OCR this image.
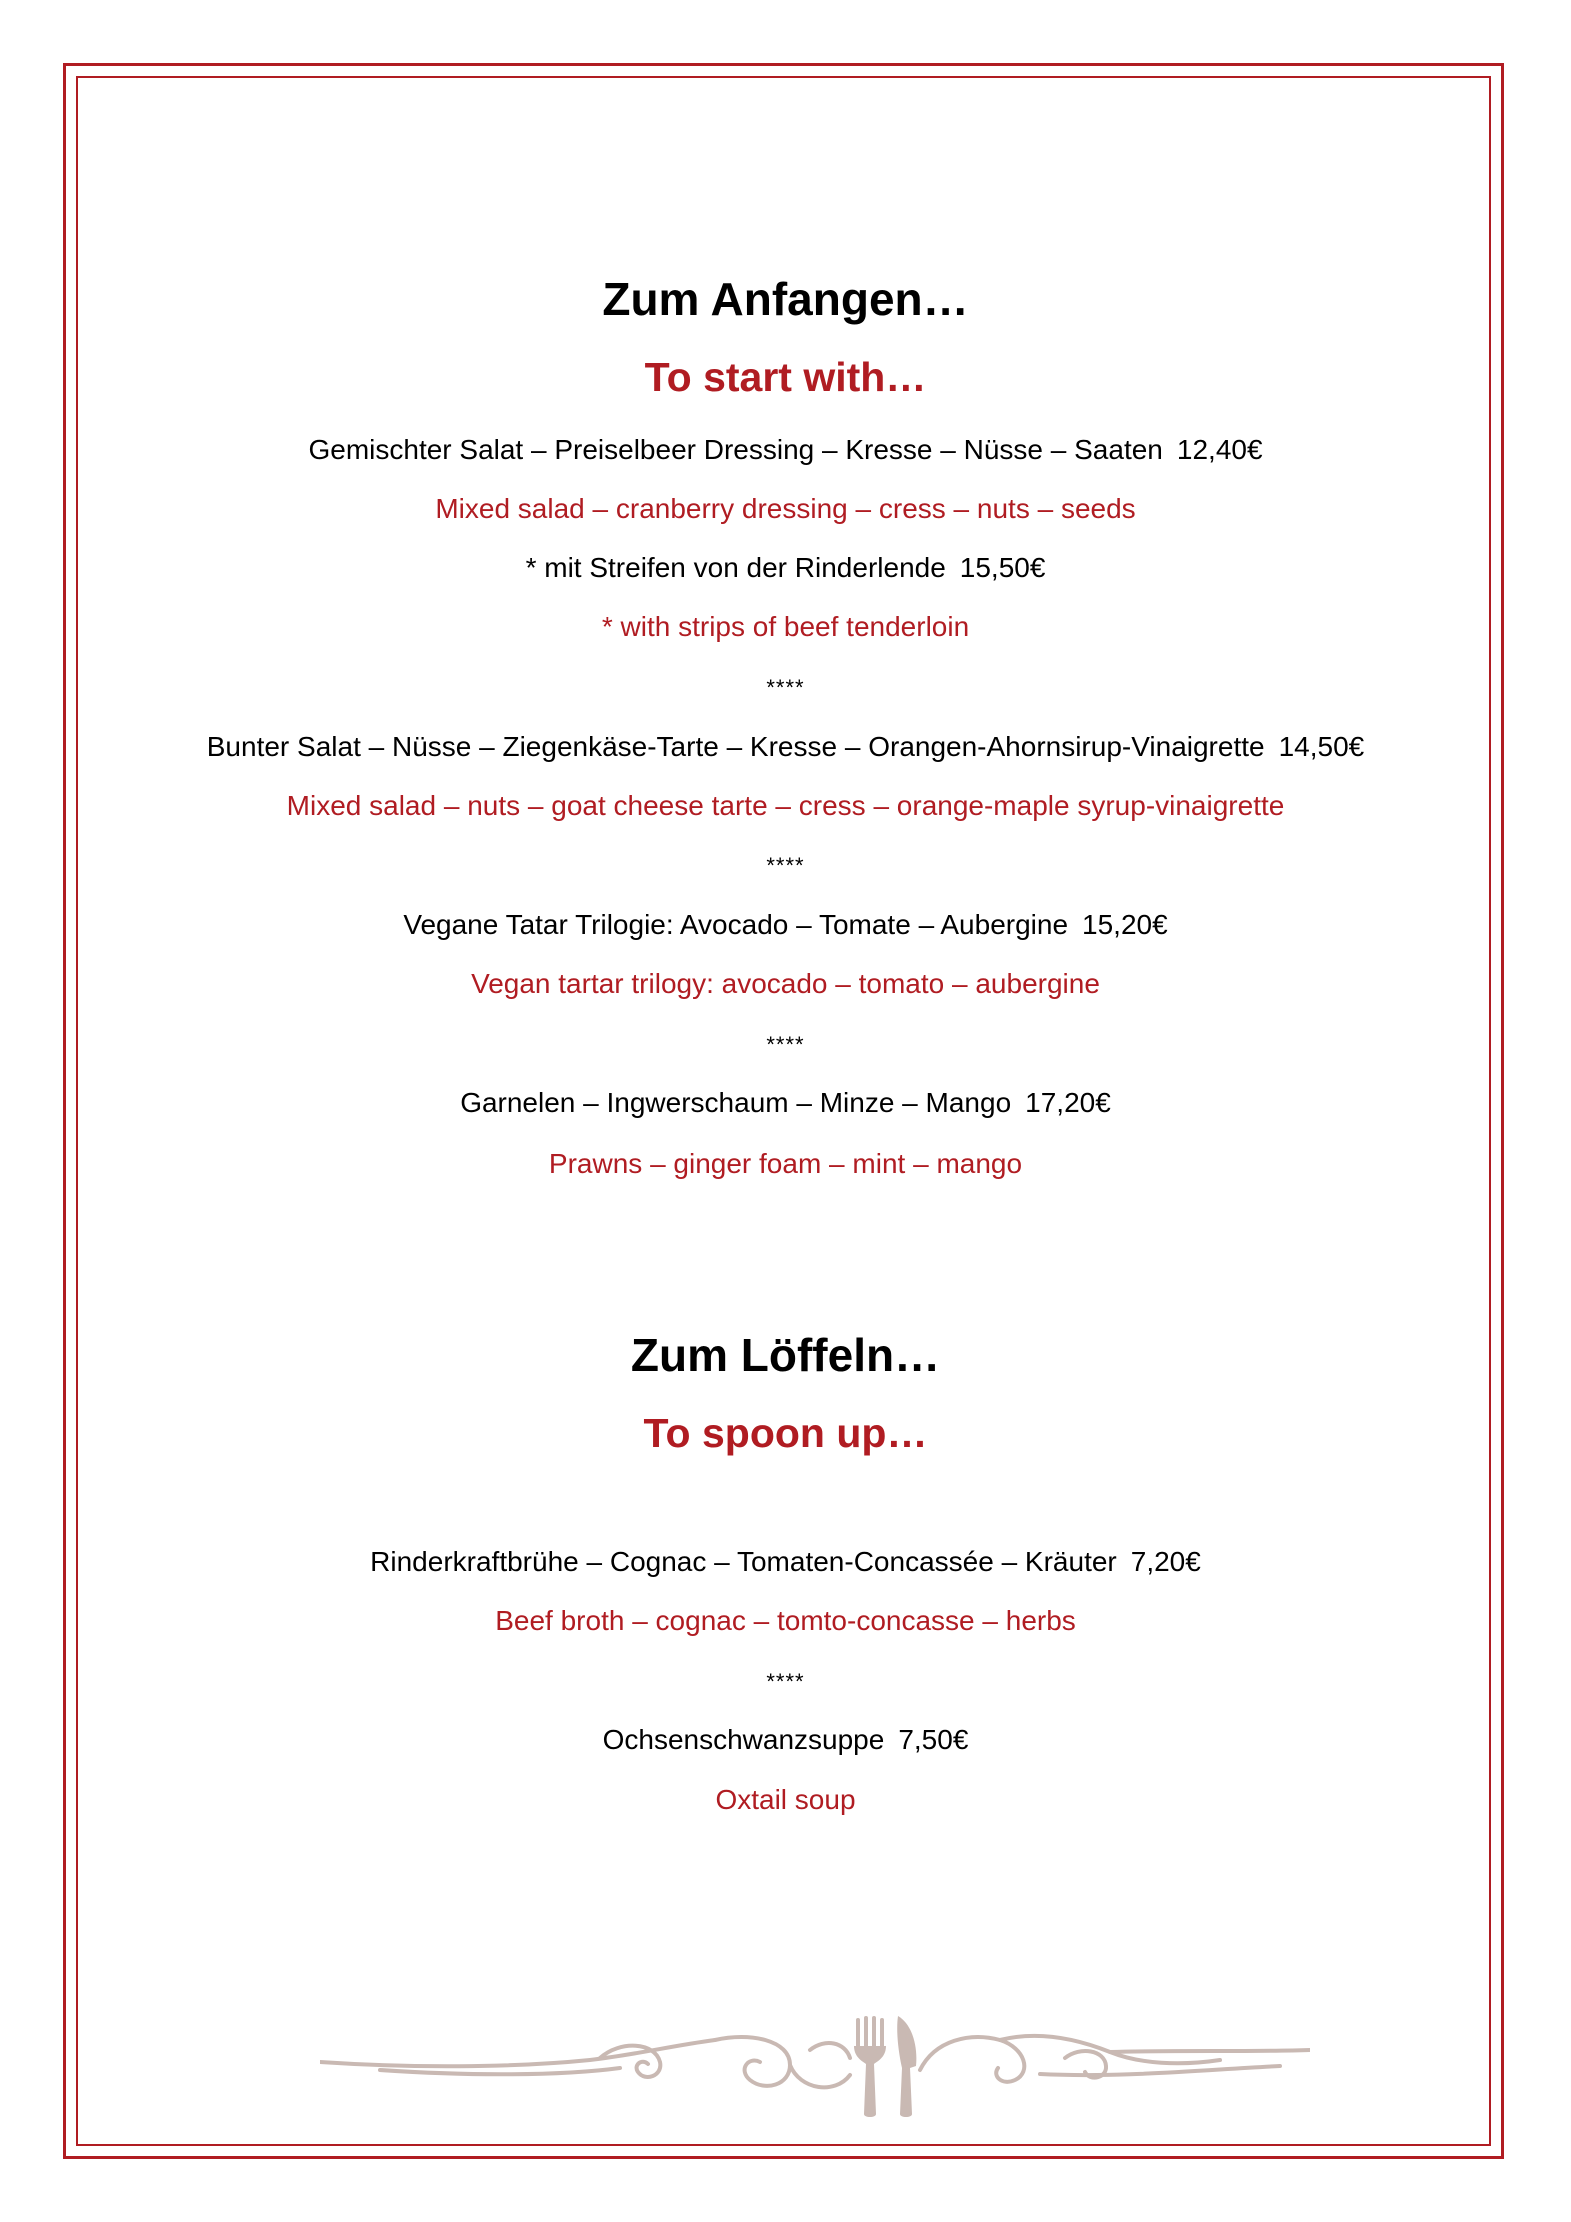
Zum Anfangen…
To start with…
Gemischter Salat – Preiselbeer Dressing – Kresse – Nüsse – Saaten 12,40€
Mixed salad – cranberry dressing – cress – nuts – seeds
* mit Streifen von der Rinderlende 15,50€
* with strips of beef tenderloin
****
Bunter Salat – Nüsse – Ziegenkäse-Tarte – Kresse – Orangen-Ahornsirup-Vinaigrette 14,50€
Mixed salad – nuts – goat cheese tarte – cress – orange-maple syrup-vinaigrette
****
Vegane Tatar Trilogie: Avocado – Tomate – Aubergine 15,20€
Vegan tartar trilogy: avocado – tomato – aubergine
****
Garnelen – Ingwerschaum – Minze – Mango 17,20€
Prawns – ginger foam – mint – mango
Zum Löffeln…
To spoon up…
Rinderkraftbrühe – Cognac – Tomaten-Concassée – Kräuter 7,20€
Beef broth – cognac – tomto-concasse – herbs
****
Ochsenschwanzsuppe 7,50€
Oxtail soup
